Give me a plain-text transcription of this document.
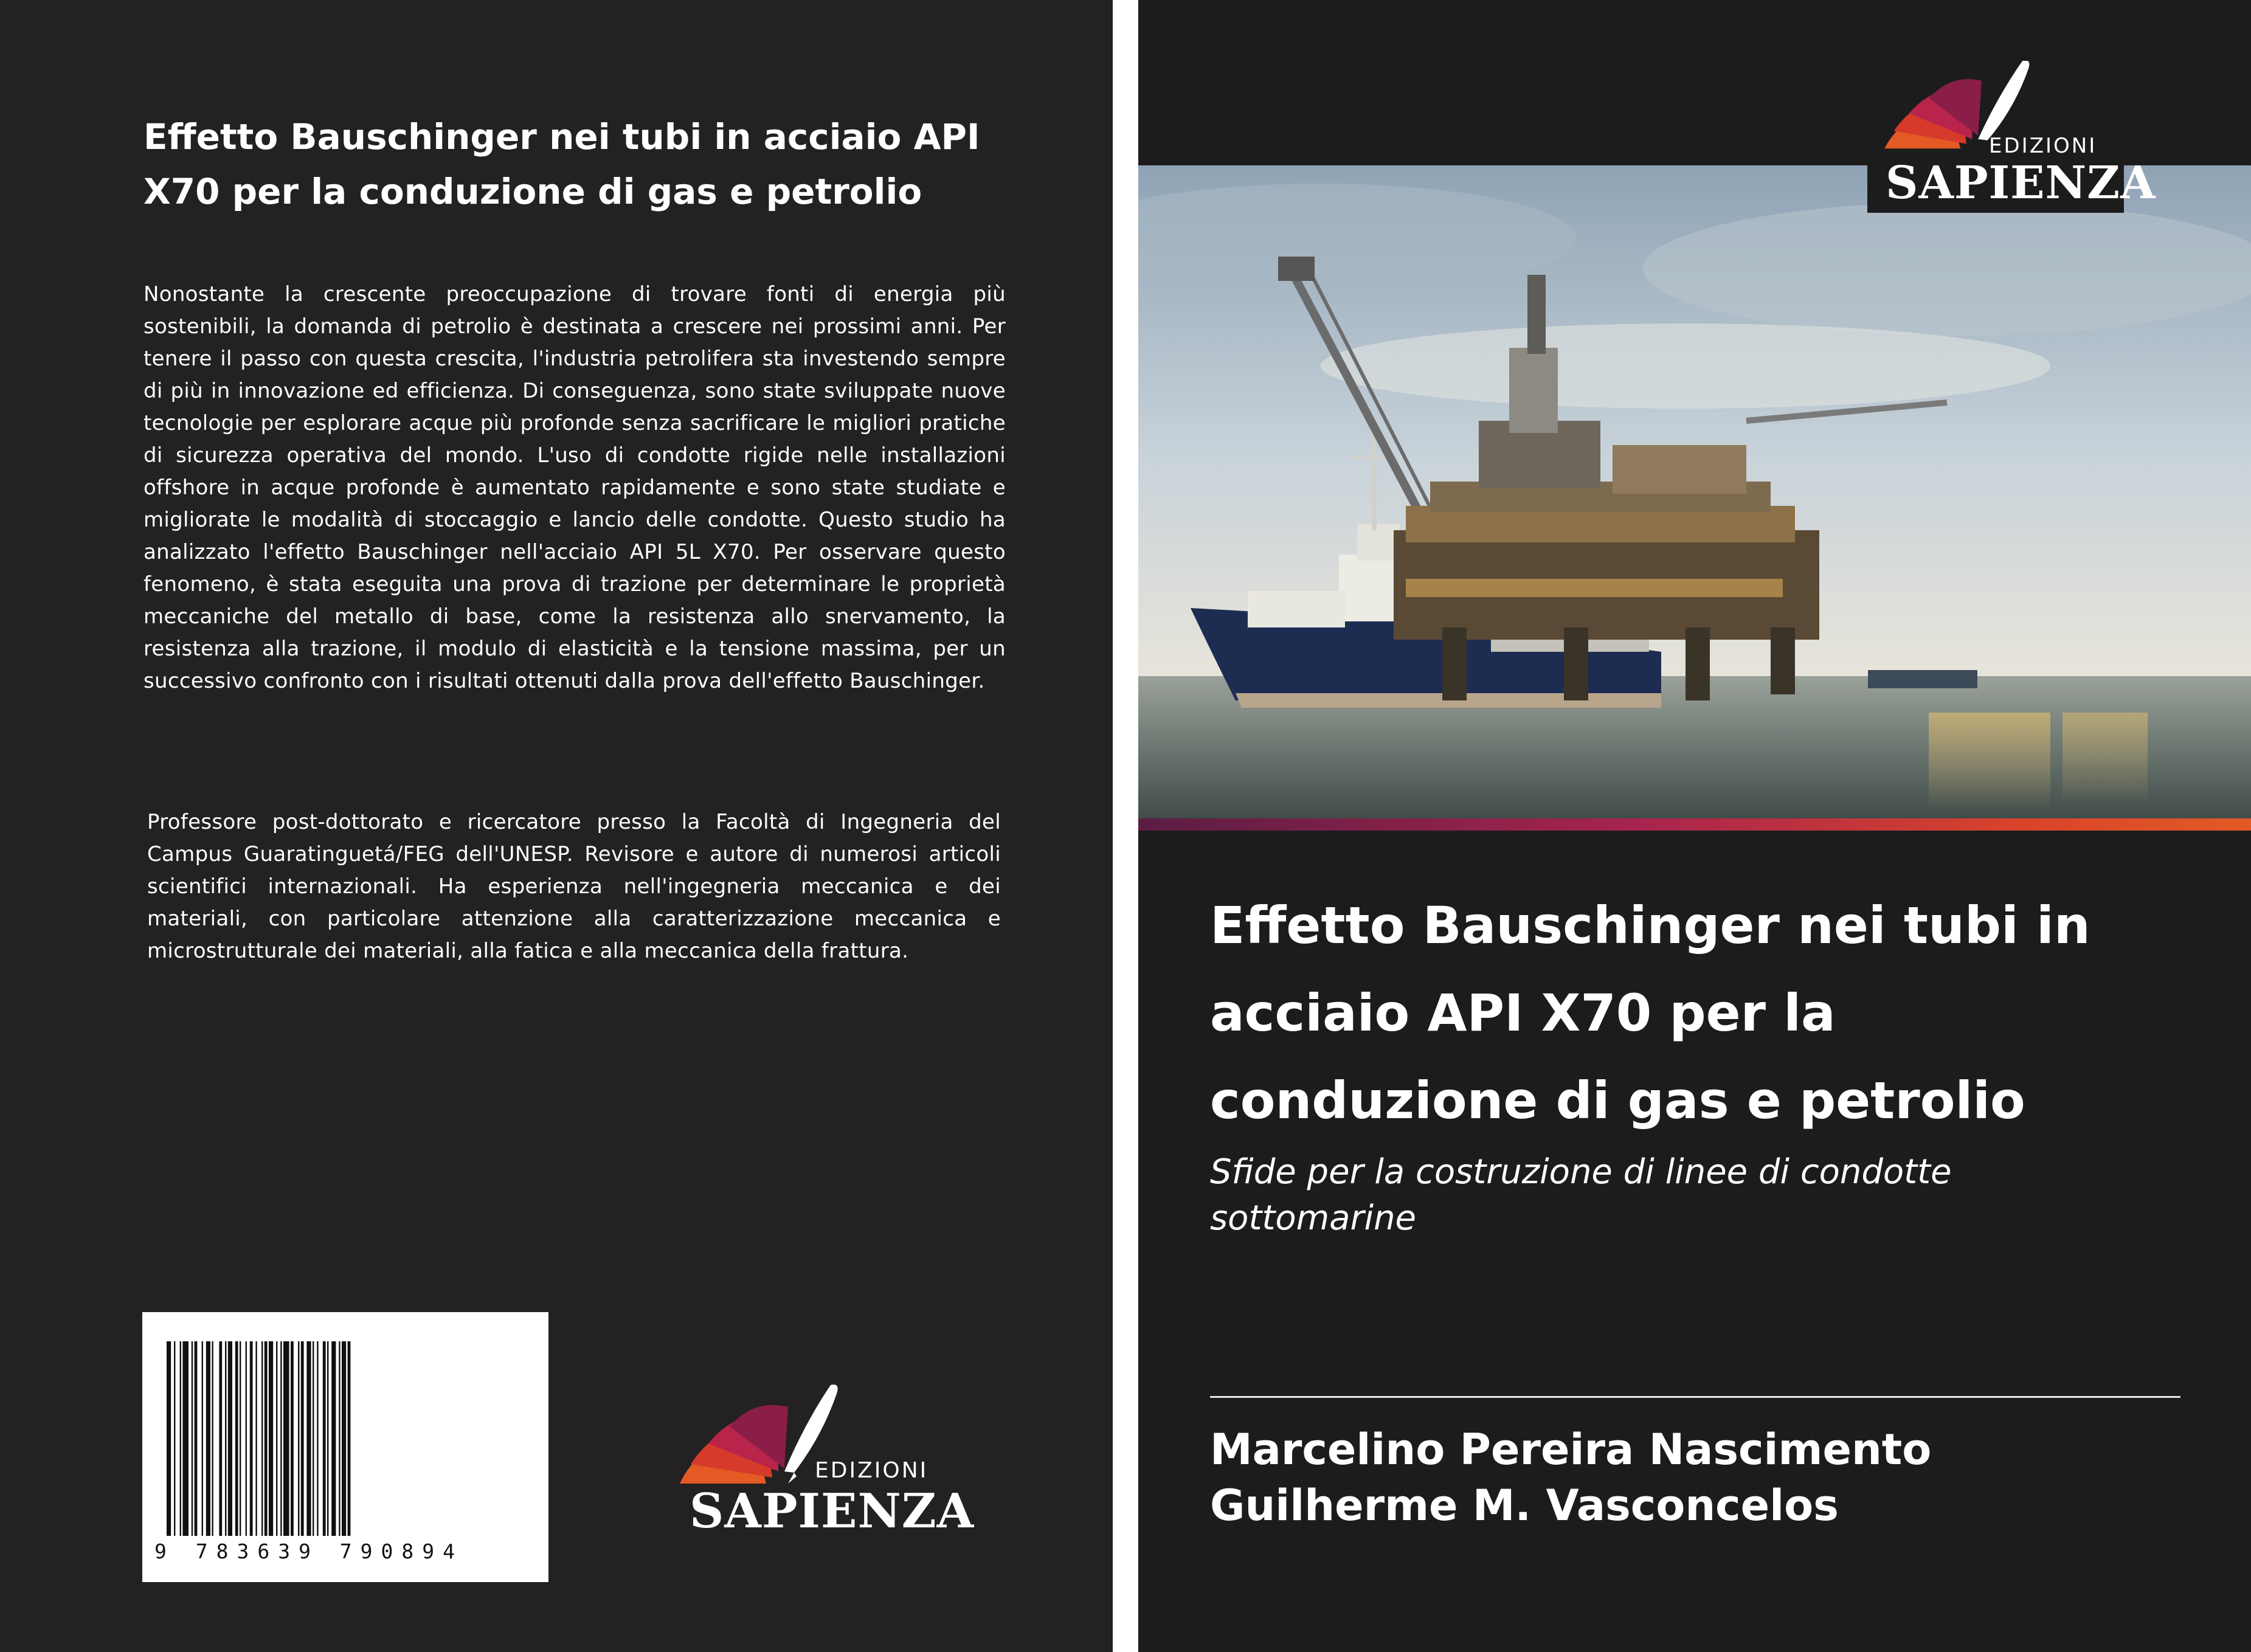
Effetto Bauschinger nei tubi in acciaio API X70 per la conduzione di gas e petrolio

Nonostante la crescente preoccupazione di trovare fonti di energia più sostenibili, la domanda di petrolio è destinata a crescere nei prossimi anni. Per tenere il passo con questa crescita, l'industria petrolifera sta investendo sempre di più in innovazione ed efficienza. Di conseguenza, sono state sviluppate nuove tecnologie per esplorare acque più profonde senza sacrificare le migliori pratiche di sicurezza operativa del mondo. L'uso di condotte rigide nelle installazioni offshore in acque profonde è aumentato rapidamente e sono state studiate e migliorate le modalità di stoccaggio e lancio delle condotte. Questo studio ha analizzato l'effetto Bauschinger nell'acciaio API 5L X70. Per osservare questo fenomeno, è stata eseguita una prova di trazione per determinare le proprietà meccaniche del metallo di base, come la resistenza allo snervamento, la resistenza alla trazione, il modulo di elasticità e la tensione massima, per un successivo confronto con i risultati ottenuti dalla prova dell'effetto Bauschinger.

Professore post-dottorato e ricercatore presso la Facoltà di Ingegneria del Campus Guaratinguetá/FEG dell'UNESP. Revisore e autore di numerosi articoli scientifici internazionali. Ha esperienza nell'ingegneria meccanica e dei materiali, con particolare attenzione alla caratterizzazione meccanica e microstrutturale dei materiali, alla fatica e alla meccanica della frattura.

9 783639 790894
EDIZIONI
SAPIENZA
EDIZIONI
SAPIENZA
Effetto Bauschinger nei tubi in acciaio API X70 per la conduzione di gas e petrolio

Sfide per la costruzione di linee di condotte sottomarine

Marcelino Pereira Nascimento
Guilherme M. Vasconcelos
